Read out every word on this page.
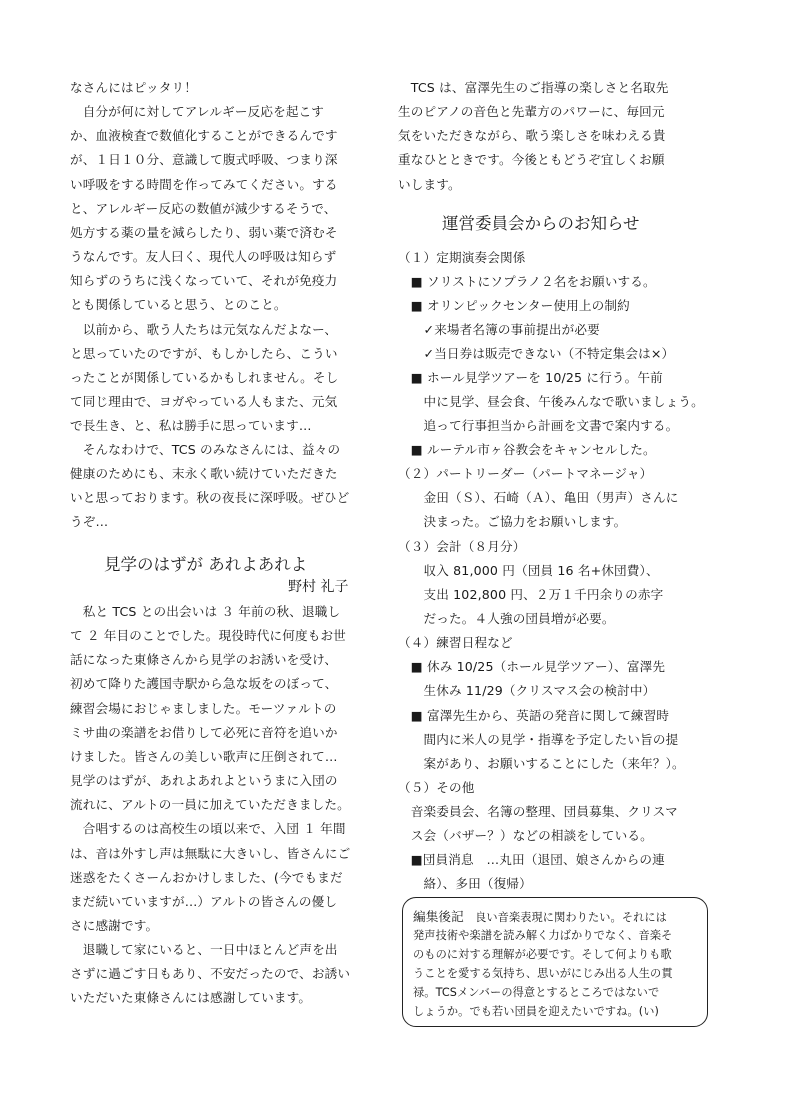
なさんにはピッタリ！
　自分が何に対してアレルギー反応を起こす
か、血液検査で数値化することができるんです
が、１日１０分、意識して腹式呼吸、つまり深
い呼吸をする時間を作ってみてください。する
と、アレルギー反応の数値が減少するそうで、
処方する薬の量を減らしたり、弱い薬で済むそ
うなんです。友人曰く、現代人の呼吸は知らず
知らずのうちに浅くなっていて、それが免疫力
とも関係していると思う、とのこと。
　以前から、歌う人たちは元気なんだよなー、
と思っていたのですが、もしかしたら、こうい
ったことが関係しているかもしれません。そし
て同じ理由で、ヨガやっている人もまた、元気
で長生き、と、私は勝手に思っています…
　そんなわけで、TCS のみなさんには、益々の
健康のためにも、末永く歌い続けていただきた
いと思っております。秋の夜長に深呼吸。ぜひど
うぞ…
見学のはずが あれよあれよ
野村 礼子
　私と TCS との出会いは ３ 年前の秋、退職し
て ２ 年目のことでした。現役時代に何度もお世
話になった東條さんから見学のお誘いを受け、
初めて降りた護国寺駅から急な坂をのぼって、
練習会場におじゃましました。モーツァルトの
ミサ曲の楽譜をお借りして必死に音符を追いか
けました。皆さんの美しい歌声に圧倒されて…
見学のはずが、あれよあれよというまに入団の
流れに、アルトの一員に加えていただきました。
　合唱するのは高校生の頃以来で、入団 １ 年間
は、音は外すし声は無駄に大きいし、皆さんにご
迷惑をたくさーんおかけしました、(今でもまだ
まだ続いていますが…）アルトの皆さんの優し
さに感謝です。
　退職して家にいると、一日中ほとんど声を出
さずに過ごす日もあり、不安だったので、お誘い
いただいた東條さんには感謝しています。
　TCS は、富澤先生のご指導の楽しさと名取先
生のピアノの音色と先輩方のパワーに、毎回元
気をいただきながら、歌う楽しさを味わえる貴
重なひとときです。今後ともどうぞ宜しくお願
いします。
運営委員会からのお知らせ
（１）定期演奏会関係
　■ ソリストにソプラノ２名をお願いする。
　■ オリンピックセンター使用上の制約
　　✓来場者名簿の事前提出が必要
　　✓当日券は販売できない（不特定集会は×）
　■ ホール見学ツアーを 10/25 に行う。午前
　　中に見学、昼会食、午後みんなで歌いましょう。
　　追って行事担当から計画を文書で案内する。
　■ ルーテル市ヶ谷教会をキャンセルした。
（２）パートリーダー（パートマネージャ）
　　金田（Ｓ）、石崎（Ａ）、亀田（男声）さんに
　　決まった。ご協力をお願いします。
（３）会計（８月分）
　　収入 81,000 円（団員 16 名+休団費）、
　　支出 102,800 円、２万１千円余りの赤字
　　だった。４人強の団員増が必要。
（４）練習日程など
　■ 休み 10/25（ホール見学ツアー）、富澤先
　　生休み 11/29（クリスマス会の検討中）
　■ 富澤先生から、英語の発音に関して練習時
　　間内に米人の見学・指導を予定したい旨の提
　　案があり、お願いすることにした（来年？）。
（５）その他
　音楽委員会、名簿の整理、団員募集、クリスマ
　ス会（バザー？）などの相談をしている。
　■団員消息　…丸田（退団、娘さんからの連
　　絡）、多田（復帰）
編集後記　 良い音楽表現に関わりたい。それには
発声技術や楽譜を読み解く力ばかりでなく、音楽そ
のものに対する理解が必要です。そして何よりも歌
うことを愛する気持ち、思いがにじみ出る人生の貫
禄。TCSメンバーの得意とするところではないで
しょうか。でも若い団員を迎えたいですね。(い)
